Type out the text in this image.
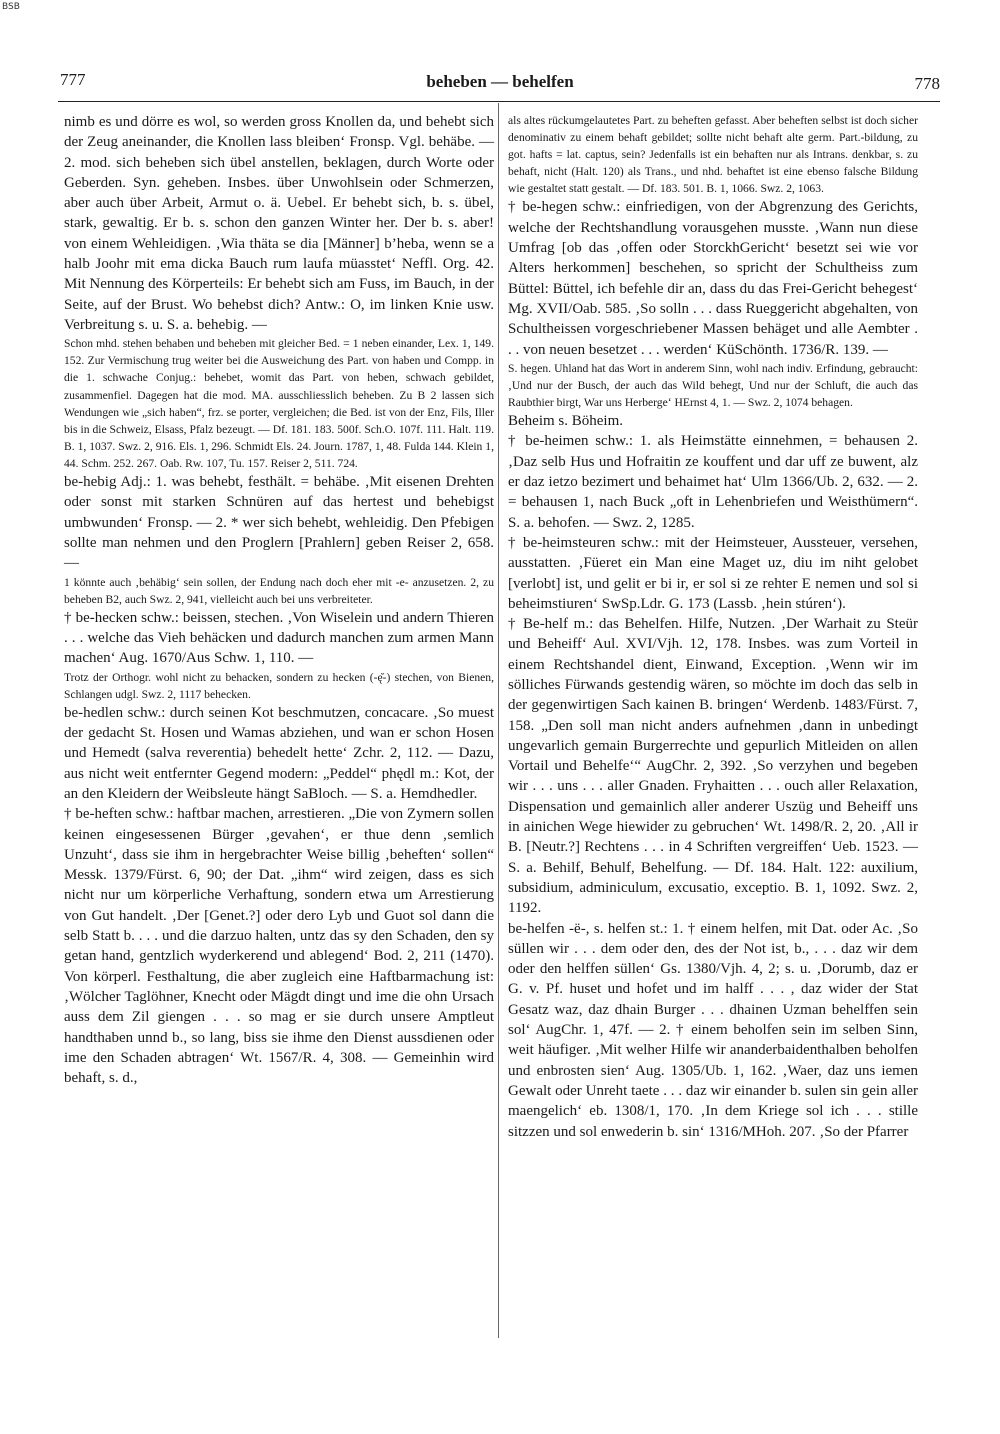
BSB
777	beheben — behelfen	778

nimb es und dörre es wol, so werden gross Knollen da, und behebt sich der Zeug aneinander, die Knollen lass bleiben‘ Fronsp. Vgl. behäbe. — 2. mod. sich beheben sich übel anstellen, beklagen, durch Worte oder Geberden. Syn. geheben. Insbes. über Unwohlsein oder Schmerzen, aber auch über Arbeit, Armut o. ä. Uebel. Er behebt sich, b. s. übel, stark, gewaltig. Er b. s. schon den ganzen Winter her. Der b. s. aber! von einem Wehleidigen. ‚Wia thäta se dia [Männer] b’heba, wenn se a halb Joohr mit ema dicka Bauch rum laufa müasstet‘ Neffl. Org. 42. Mit Nennung des Körperteils: Er behebt sich am Fuss, im Bauch, in der Seite, auf der Brust. Wo behebst dich? Antw.: O, im linken Knie usw. Verbreitung s. u. S. a. behebig. —

Schon mhd. stehen behaben und beheben mit gleicher Bed. = 1 neben einander, Lex. 1, 149. 152. Zur Vermischung trug weiter bei die Ausweichung des Part. von haben und Compp. in die 1. schwache Conjug.: behebet, womit das Part. von heben, schwach gebildet, zusammenfiel. Dagegen hat die mod. MA. ausschliesslich beheben. Zu B 2 lassen sich Wendungen wie „sich haben“, frz. se porter, vergleichen; die Bed. ist von der Enz, Fils, Iller bis in die Schweiz, Elsass, Pfalz bezeugt. — Df. 181. 183. 500f. Sch.O. 107f. 111. Halt. 119. B. 1, 1037. Swz. 2, 916. Els. 1, 296. Schmidt Els. 24. Journ. 1787, 1, 48. Fulda 144. Klein 1, 44. Schm. 252. 267. Oab. Rw. 107, Tu. 157. Reiser 2, 511. 724.

be-hebig Adj.: 1. was behebt, festhält. = behäbe. ‚Mit eisenen Drehten oder sonst mit starken Schnüren auf das hertest und behebigst umbwunden‘ Fronsp. — 2. * wer sich behebt, wehleidig. Den Pfebigen sollte man nehmen und den Proglern [Prahlern] geben Reiser 2, 658. —

1 könnte auch ‚behäbig‘ sein sollen, der Endung nach doch eher mit -e- anzusetzen. 2, zu beheben B2, auch Swz. 2, 941, vielleicht auch bei uns verbreiteter.

† be-hecken schw.: beissen, stechen. ‚Von Wiselein und andern Thieren . . . welche das Vieh behäcken und dadurch manchen zum armen Mann machen‘ Aug. 1670/Aus Schw. 1, 110. —

Trotz der Orthogr. wohl nicht zu behacken, sondern zu hecken (-ę̆-) stechen, von Bienen, Schlangen udgl. Swz. 2, 1117 behecken.

be-hedlen schw.: durch seinen Kot beschmutzen, concacare. ‚So muest der gedacht St. Hosen und Wamas abziehen, und wan er schon Hosen und Hemedt (salva reverentia) behedelt hette‘ Zchr. 2, 112. — Dazu, aus nicht weit entfernter Gegend modern: „Peddel“ phędl m.: Kot, der an den Kleidern der Weibsleute hängt SaBloch. — S. a. Hemdhedler.

† be-heften schw.: haftbar machen, arrestieren. „Die von Zymern sollen keinen eingesessenen Bürger ‚gevahen‘, er thue denn ‚semlich Unzuht‘, dass sie ihm in hergebrachter Weise billig ‚beheften‘ sollen“ Messk. 1379/Fürst. 6, 90; der Dat. „ihm“ wird zeigen, dass es sich nicht nur um körperliche Verhaftung, sondern etwa um Arrestierung von Gut handelt. ‚Der [Genet.?] oder dero Lyb und Guot sol dann die selb Statt b. . . . und die darzuo halten, untz das sy den Schaden, den sy getan hand, gentzlich wyderkerend und ablegend‘ Bod. 2, 211 (1470). Von körperl. Festhaltung, die aber zugleich eine Haftbarmachung ist: ‚Wölcher Taglöhner, Knecht oder Mägdt dingt und ime die ohn Ursach auss dem Zil giengen . . . so mag er sie durch unsere Amptleut handthaben unnd b., so lang, biss sie ihme den Dienst aussdienen oder ime den Schaden abtragen‘ Wt. 1567/R. 4, 308. — Gemeinhin wird behaft, s. d.,

als altes rückumgelautetes Part. zu beheften gefasst. Aber beheften selbst ist doch sicher denominativ zu einem behaft gebildet; sollte nicht behaft alte germ. Part.-bildung, zu got. hafts = lat. captus, sein? Jedenfalls ist ein behaften nur als Intrans. denkbar, s. zu behaft, nicht (Halt. 120) als Trans., und nhd. behaftet ist eine ebenso falsche Bildung wie gestaltet statt gestalt. — Df. 183. 501. B. 1, 1066. Swz. 2, 1063.

† be-hegen schw.: einfriedigen, von der Abgrenzung des Gerichts, welche der Rechtshandlung vorausgehen musste. ‚Wann nun diese Umfrag [ob das ‚offen oder StorckhGericht‘ besetzt sei wie vor Alters herkommen] beschehen, so spricht der Schultheiss zum Büttel: Büttel, ich befehle dir an, dass du das Frei-Gericht behegest‘ Mg. XVII/Oab. 585. ‚So solln . . . dass Rueggericht abgehalten, von Schultheissen vorgeschriebener Massen behäget und alle Aembter . . . von neuen besetzet . . . werden‘ KüSchönth. 1736/R. 139. —

S. hegen. Uhland hat das Wort in anderem Sinn, wohl nach indiv. Erfindung, gebraucht: ‚Und nur der Busch, der auch das Wild behegt, Und nur der Schluft, die auch das Raubthier birgt, War uns Herberge‘ HErnst 4, 1. — Swz. 2, 1074 behagen.

Beheim s. Böheim.

† be-heimen schw.: 1. als Heimstätte einnehmen, = behausen 2. ‚Daz selb Hus und Hofraitin ze kouffent und dar uff ze buwent, alz er daz ietzo bezimert und behaimet hat‘ Ulm 1366/Ub. 2, 632. — 2. = behausen 1, nach Buck „oft in Lehenbriefen und Weisthümern“. S. a. behofen. — Swz. 2, 1285.

† be-heimsteuren schw.: mit der Heimsteuer, Aussteuer, versehen, ausstatten. ‚Füeret ein Man eine Maget uz, diu im niht gelobet [verlobt] ist, und gelit er bi ir, er sol si ze rehter E nemen und sol si beheimstiuren‘ SwSp.Ldr. G. 173 (Lassb. ‚hein stúren‘).

† Be-helf m.: das Behelfen. Hilfe, Nutzen. ‚Der Warhait zu Steür und Beheiff‘ Aul. XVI/Vjh. 12, 178. Insbes. was zum Vorteil in einem Rechtshandel dient, Einwand, Exception. ‚Wenn wir im sölliches Fürwands gestendig wären, so möchte im doch das selb in der gegenwirtigen Sach kainen B. bringen‘ Werdenb. 1483/Fürst. 7, 158. „Den soll man nicht anders aufnehmen ‚dann in unbedingt ungevarlich gemain Burgerrechte und gepurlich Mitleiden on allen Vortail und Behelfe‘“ AugChr. 2, 392. ‚So verzyhen und begeben wir . . . uns . . . aller Gnaden. Fryhaitten . . . ouch aller Relaxation, Dispensation und gemainlich aller anderer Uszüg und Beheiff uns in ainichen Wege hiewider zu gebruchen‘ Wt. 1498/R. 2, 20. ‚All ir B. [Neutr.?] Rechtens . . . in 4 Schriften vergreiffen‘ Ueb. 1523. — S. a. Behilf, Behulf, Behelfung. — Df. 184. Halt. 122: auxilium, subsidium, adminiculum, excusatio, exceptio. B. 1, 1092. Swz. 2, 1192.

be-helfen -ë-, s. helfen st.: 1. † einem helfen, mit Dat. oder Ac. ‚So süllen wir . . . dem oder den, des der Not ist, b., . . . daz wir dem oder den helffen süllen‘ Gs. 1380/Vjh. 4, 2; s. u. ‚Dorumb, daz er G. v. Pf. huset und hofet und im halff . . . , daz wider der Stat Gesatz waz, daz dhain Burger . . . dhainen Uzman behelffen sein sol‘ AugChr. 1, 47f. — 2. † einem beholfen sein im selben Sinn, weit häufiger. ‚Mit welher Hilfe wir ananderbaidenthalben beholfen und enbrosten sien‘ Aug. 1305/Ub. 1, 162. ‚Waer, daz uns iemen Gewalt oder Unreht taete . . . daz wir einander b. sulen sin gein aller maengelich‘ eb. 1308/1, 170. ‚In dem Kriege sol ich . . . stille sitzzen und sol enwederin b. sin‘ 1316/MHoh. 207. ‚So der Pfarrer
